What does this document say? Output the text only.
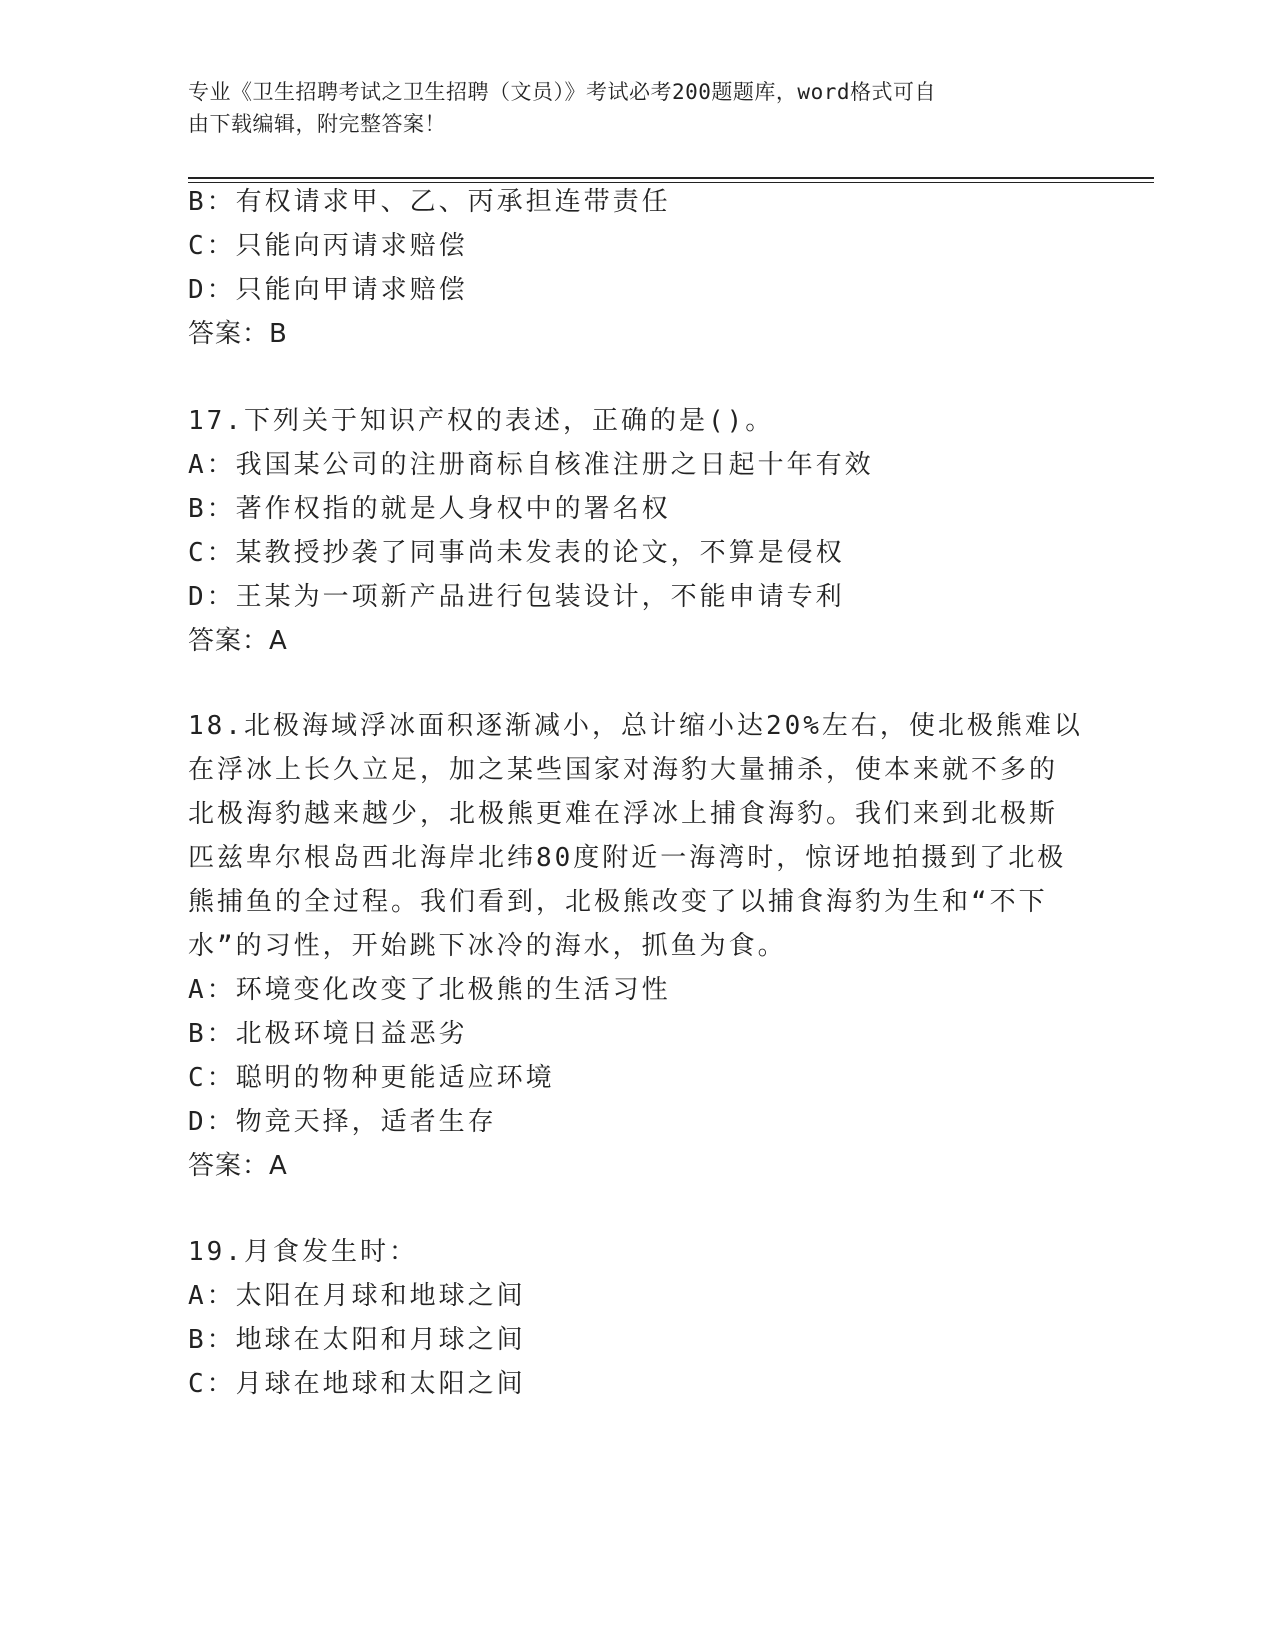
专业《卫生招聘考试之卫生招聘（文员）》考试必考200题题库，word格式可自
由下载编辑，附完整答案！
B：有权请求甲、乙、丙承担连带责任
C：只能向丙请求赔偿
D：只能向甲请求赔偿
答案：B
17.下列关于知识产权的表述，正确的是()。
A：我国某公司的注册商标自核准注册之日起十年有效
B：著作权指的就是人身权中的署名权
C：某教授抄袭了同事尚未发表的论文，不算是侵权
D：王某为一项新产品进行包装设计，不能申请专利
答案：A
18.北极海域浮冰面积逐渐减小，总计缩小达20%左右，使北极熊难以
在浮冰上长久立足，加之某些国家对海豹大量捕杀，使本来就不多的
北极海豹越来越少，北极熊更难在浮冰上捕食海豹。我们来到北极斯
匹兹卑尔根岛西北海岸北纬80度附近一海湾时，惊讶地拍摄到了北极
熊捕鱼的全过程。我们看到，北极熊改变了以捕食海豹为生和“不下
水”的习性，开始跳下冰冷的海水，抓鱼为食。
A：环境变化改变了北极熊的生活习性
B：北极环境日益恶劣
C：聪明的物种更能适应环境
D：物竞天择，适者生存
答案：A
19.月食发生时：
A：太阳在月球和地球之间
B：地球在太阳和月球之间
C：月球在地球和太阳之间
